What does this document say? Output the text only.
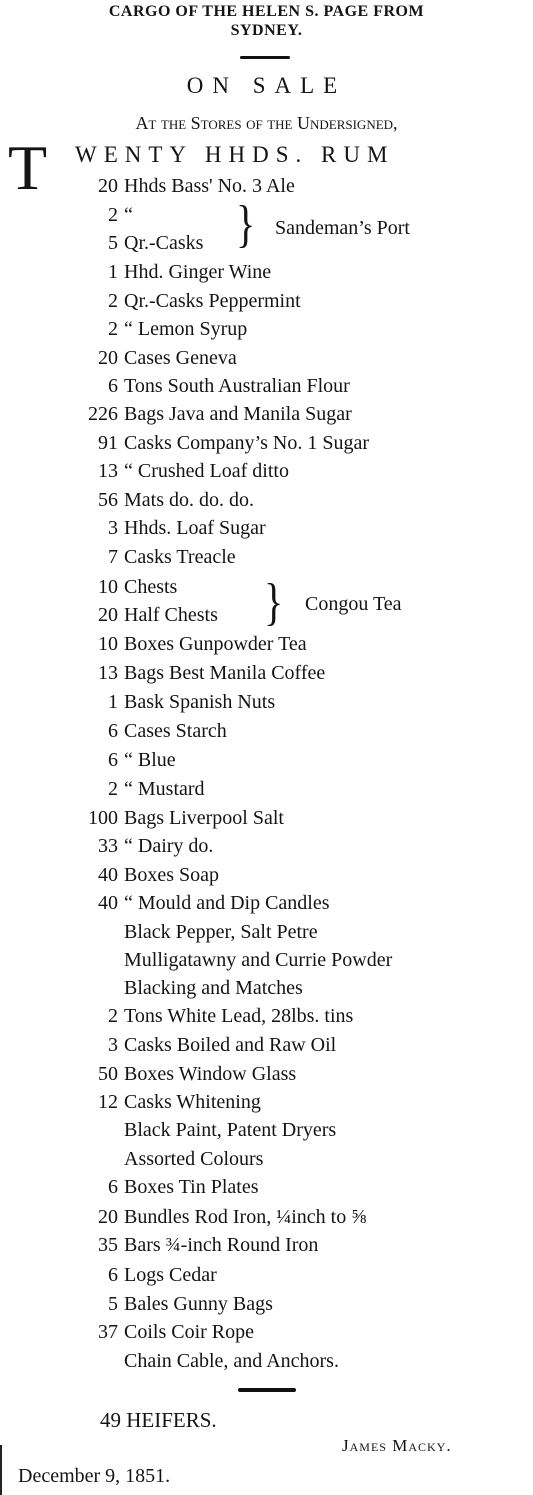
CARGO OF THE HELEN S. PAGE FROM
SYDNEY.
ON SALE
At the Stores of the Undersigned,
T WENTY HHDS. RUM
20 Hhds Bass' No. 3 Ale
2 “
5 Qr.-Casks
1 Hhd. Ginger Wine
2 Qr.-Casks Peppermint
2 “ Lemon Syrup
20 Cases Geneva
6 Tons South Australian Flour
226 Bags Java and Manila Sugar
91 Casks Company’s No. 1 Sugar
13 “ Crushed Loaf ditto
56 Mats do. do. do.
3 Hhds. Loaf Sugar
7 Casks Treacle
10 Chests
20 Half Chests
10 Boxes Gunpowder Tea
13 Bags Best Manila Coffee
1 Bask Spanish Nuts
6 Cases Starch
6 “ Blue
2 “ Mustard
100 Bags Liverpool Salt
33 “ Dairy do.
40 Boxes Soap
40 “ Mould and Dip Candles
Black Pepper, Salt Petre
Mulligatawny and Currie Powder
Blacking and Matches
2 Tons White Lead, 28lbs. tins
3 Casks Boiled and Raw Oil
50 Boxes Window Glass
12 Casks Whitening
Black Paint, Patent Dryers
Assorted Colours
6 Boxes Tin Plates
20 Bundles Rod Iron, ¼inch to ⅝
35 Bars ¾-inch Round Iron
6 Logs Cedar
5 Bales Gunny Bags
37 Coils Coir Rope
Chain Cable, and Anchors.
} Sandeman’s Port
} Congou Tea
49 HEIFERS.
James Macky.
December 9, 1851.
